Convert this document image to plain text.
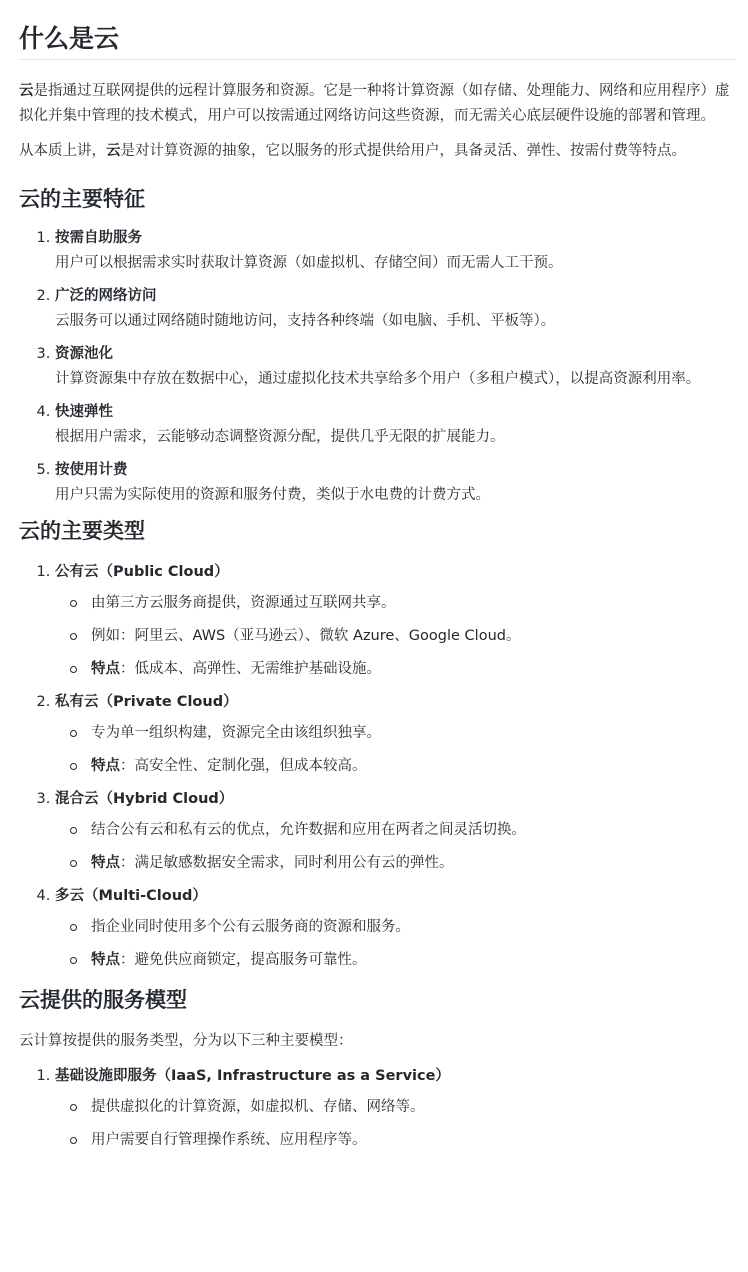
什么是云

云是指通过互联网提供的远程计算服务和资源。它是一种将计算资源（如存储、处理能力、网络和应用程序）虚拟化并集中管理的技术模式，用户可以按需通过网络访问这些资源，而无需关心底层硬件设施的部署和管理。

从本质上讲，云是对计算资源的抽象，它以服务的形式提供给用户，具备灵活、弹性、按需付费等特点。

云的主要特征
1. 按需自助服务
用户可以根据需求实时获取计算资源（如虚拟机、存储空间）而无需人工干预。
2. 广泛的网络访问
云服务可以通过网络随时随地访问，支持各种终端（如电脑、手机、平板等）。
3. 资源池化
计算资源集中存放在数据中心，通过虚拟化技术共享给多个用户（多租户模式），以提高资源利用率。
4. 快速弹性
根据用户需求，云能够动态调整资源分配，提供几乎无限的扩展能力。
5. 按使用计费
用户只需为实际使用的资源和服务付费，类似于水电费的计费方式。
云的主要类型
1. 公有云（Public Cloud）
由第三方云服务商提供，资源通过互联网共享。
例如：阿里云、AWS（亚马逊云）、微软 Azure、Google Cloud。
特点：低成本、高弹性、无需维护基础设施。
2. 私有云（Private Cloud）
专为单一组织构建，资源完全由该组织独享。
特点：高安全性、定制化强，但成本较高。
3. 混合云（Hybrid Cloud）
结合公有云和私有云的优点，允许数据和应用在两者之间灵活切换。
特点：满足敏感数据安全需求，同时利用公有云的弹性。
4. 多云（Multi-Cloud）
指企业同时使用多个公有云服务商的资源和服务。
特点：避免供应商锁定，提高服务可靠性。
云提供的服务模型

云计算按提供的服务类型，分为以下三种主要模型：

1. 基础设施即服务（IaaS, Infrastructure as a Service）
提供虚拟化的计算资源，如虚拟机、存储、网络等。
用户需要自行管理操作系统、应用程序等。
